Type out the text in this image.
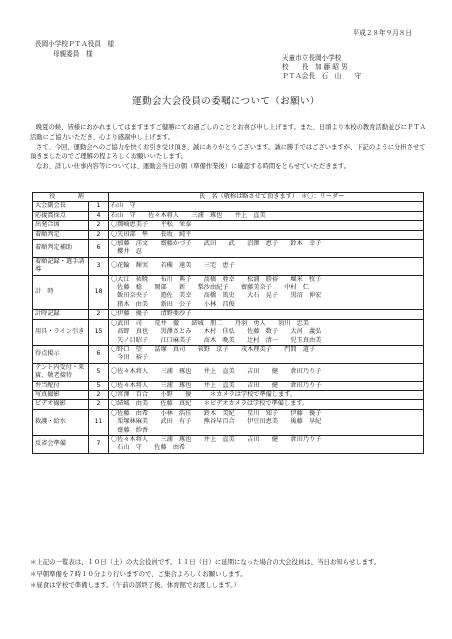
平成２８年９月８日
長岡小学校ＰＴＡ役員　様
母親委員　様	天童市立長岡小学校
校　　長　加 藤 昭 男
ＰＴＡ会長　石　山　　守
運動会大会役員の委嘱について（お願い）

晩夏の候、皆様におかれましてはますますご健勝にてお過ごしのこととお喜び申し上げます。また、日頃より本校の教育活動並びにＰＴＡ活動にご協力いただき、心より感謝申し上げます。

さて、今回、運動会へのご協力を快くお引き受け頂き、誠にありがとうございます。誠に勝手ではございますが、下記のように分担させて頂きましたのでご理解の程よろしくお願いいたします。

なお、詳しい仕事内容等については、運動会当日の朝（準備作業後）に確認する時間をとらせていただきます。

役　割		氏　名（敬称は略させて頂きます）　＊〇：リーダー
大会副会長	1	石山　守

応援賞採点	4	石山　守　　佐々木将人　　三浦　琢也　　井上　直美

出発合図	2	〇岡崎恵美子　　平松　栄泰

着順判定	2	〇矢田部　隼　　長坂　純平

着順判定補助	6	〇加藤　洋文　　齋藤かづ子　　武田　　武　　沼澤　恵子　　鈴木　幸子
　櫻井　忍

着順記録・選手誘導	3	〇花輪　輝実　　若槻　遠美　　三宅　恵子

計　時	18	〇大江　祐暁　　布川　典子　　髙橋　亜幸　　松浦　勝裕　　堀米　牧子
　佐藤　稔　　岡部　　新　　梨沙由紀子　　齋藤美奈子　　中村　仁
　飯田奈央子　　遊佐　美幸　　髙橋　篤史　　大石　晃子　　黒沼　伸宏
　猪木　由美　　新田　公子　　小林　昌俊

計時記録	2	〇伊藤　優子　　清野亜沙子

用具・ライン引き	15	〇武田　司　　荒井　徹　　結城　朋二　　丹羽　勇人　　須川　忠美
　髙野　真也　　黒澤さとみ　　木村　佳弘　　佐藤　数子　　大河　義弘
　矢ノ目昭子　　江口麻美子　　髙木　晩美　　辻村　清一　　児玉真由美

得点掲示	6	〇野口　望　　冨塚　真司　　菅野　京子　　茂木理美子　　門間　道子
　今田　裕子

テント内受付・来賓、敬老接待	5	〇佐々木将人　　三浦　琢也　　井上　直美　　吉田　　健　　倉田乃り子

弁当配付	5	〇佐々木将人　　三浦　琢也　　井上　直美　　吉田　　健　　倉田乃り子

写真撮影	2	〇宮澤　百合　　小野　　優　　　＊カメラは学校で準備します。

ビデオ撮影	2	〇結城　由美　　佐藤　真紀　　＊ビデオカメラは学校で準備します。

救護・給水	11	〇佐藤　由希　　小林　浩佳　　鈴木　美紀　　星川　知子　　伊藤　優子
　栗塚林麻美　　武田　有子　　熊谷早百合　　伊豆田恵美　　後藤　早紀
　齋藤　紗香

反省会準備	7	〇佐々木将人　　三浦　琢也　　井上　直美　　吉田　　健　　倉田乃り子
　石山　守　　佐藤　由希

＊上記の一覧表は、１０日（土）の大会役員です。１１日（日）に延期になった場合の大会役員は、当日お知らせします。

＊早朝準備を７時１０分より行いますので、ご集合よろしくお願いします。

＊昼食は学校で準備します。（午前の部終了後、体育館でお渡しします。）
